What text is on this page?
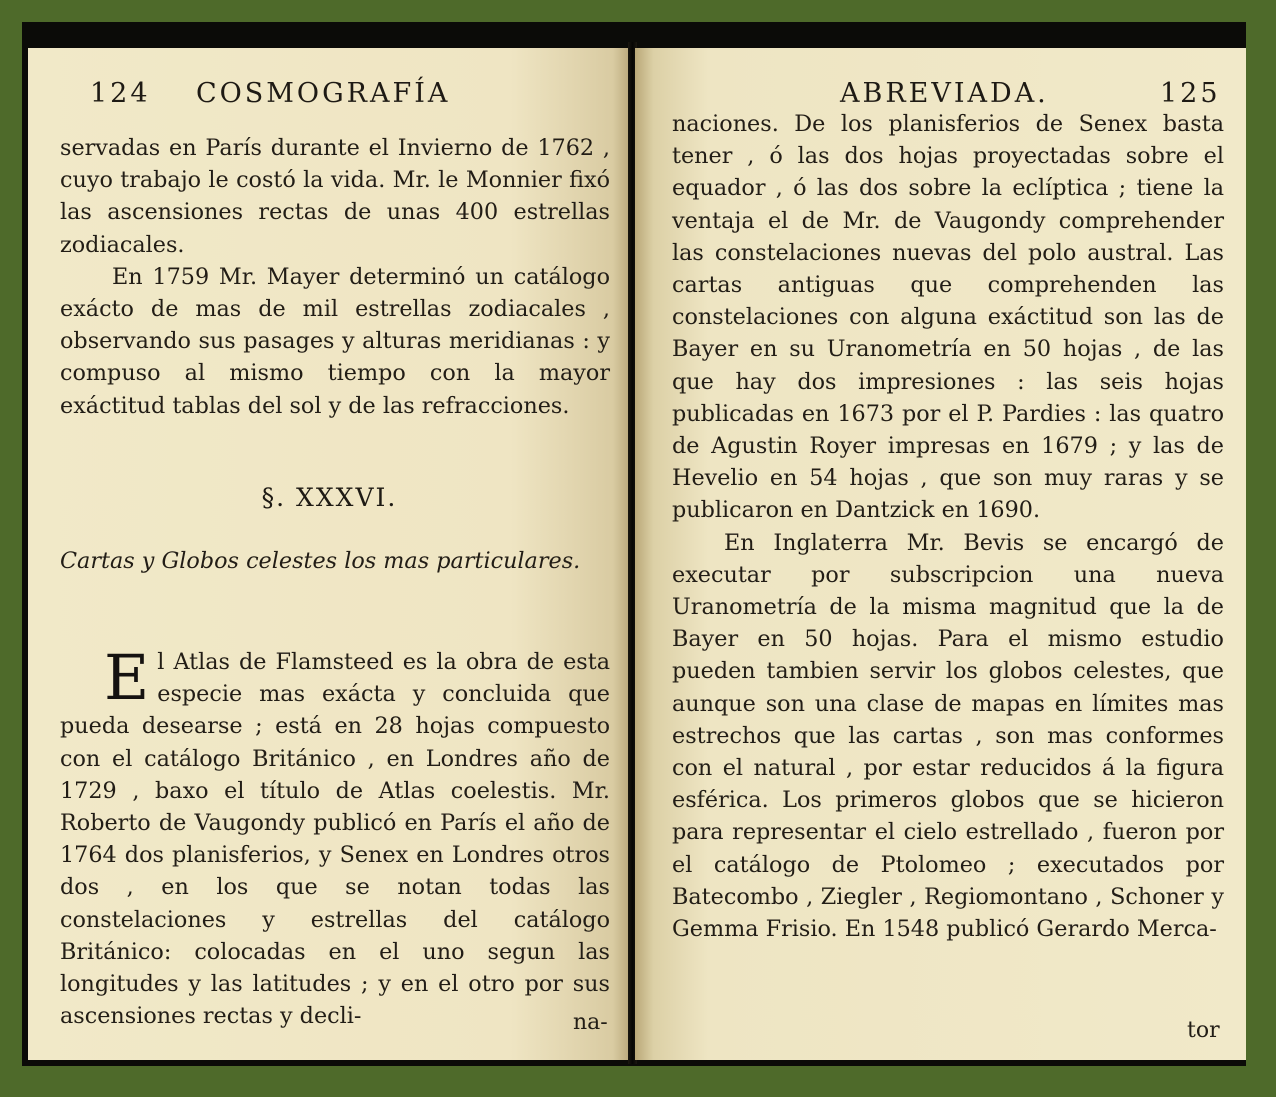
124 COSMOGRAFÍA

servadas en París durante el Invierno de 1762 , cuyo trabajo le costó la vida. Mr. le Monnier fixó las ascensiones rectas de unas 400 estrellas zodiacales.

En 1759 Mr. Mayer determinó un catálogo exácto de mas de mil estrellas zodiacales , observando sus pasages y alturas meridianas : y compuso al mismo tiempo con la mayor exáctitud tablas del sol y de las refracciones.

§. XXXVI.
Cartas y Globos celestes los mas particulares.
E l Atlas de Flamsteed es la obra de esta especie mas exácta y concluida que pueda desearse ; está en 28 hojas compuesto con el catálogo Británico , en Londres año de 1729 , baxo el título de Atlas coelestis. Mr. Roberto de Vaugondy publicó en París el año de 1764 dos planisferios, y Senex en Londres otros dos , en los que se notan todas las constelaciones y estrellas del catálogo Británico: colocadas en el uno segun las longitudes y las latitudes ; y en el otro por sus ascensiones rectas y decli-	na-
ABREVIADA.	125

naciones. De los planisferios de Senex basta tener , ó las dos hojas proyectadas sobre el equador , ó las dos sobre la eclíptica ; tiene la ventaja el de Mr. de Vaugondy comprehender las constelaciones nuevas del polo austral. Las cartas antiguas que comprehenden las constelaciones con alguna exáctitud son las de Bayer en su Uranometría en 50 hojas , de las que hay dos impresiones : las seis hojas publicadas en 1673 por el P. Pardies : las quatro de Agustin Royer impresas en 1679 ; y las de Hevelio en 54 hojas , que son muy raras y se publicaron en Dantzick en 1690.

En Inglaterra Mr. Bevis se encargó de executar por subscripcion una nueva Uranometría de la misma magnitud que la de Bayer en 50 hojas. Para el mismo estudio pueden tambien servir los globos celestes, que aunque son una clase de mapas en límites mas estrechos que las cartas , son mas conformes con el natural , por estar reducidos á la figura esférica. Los primeros globos que se hicieron para representar el cielo estrellado , fueron por el catálogo de Ptolomeo ; executados por Batecombo , Ziegler , Regiomontano , Schoner y Gemma Frisio. En 1548 publicó Gerardo Merca-

tor
